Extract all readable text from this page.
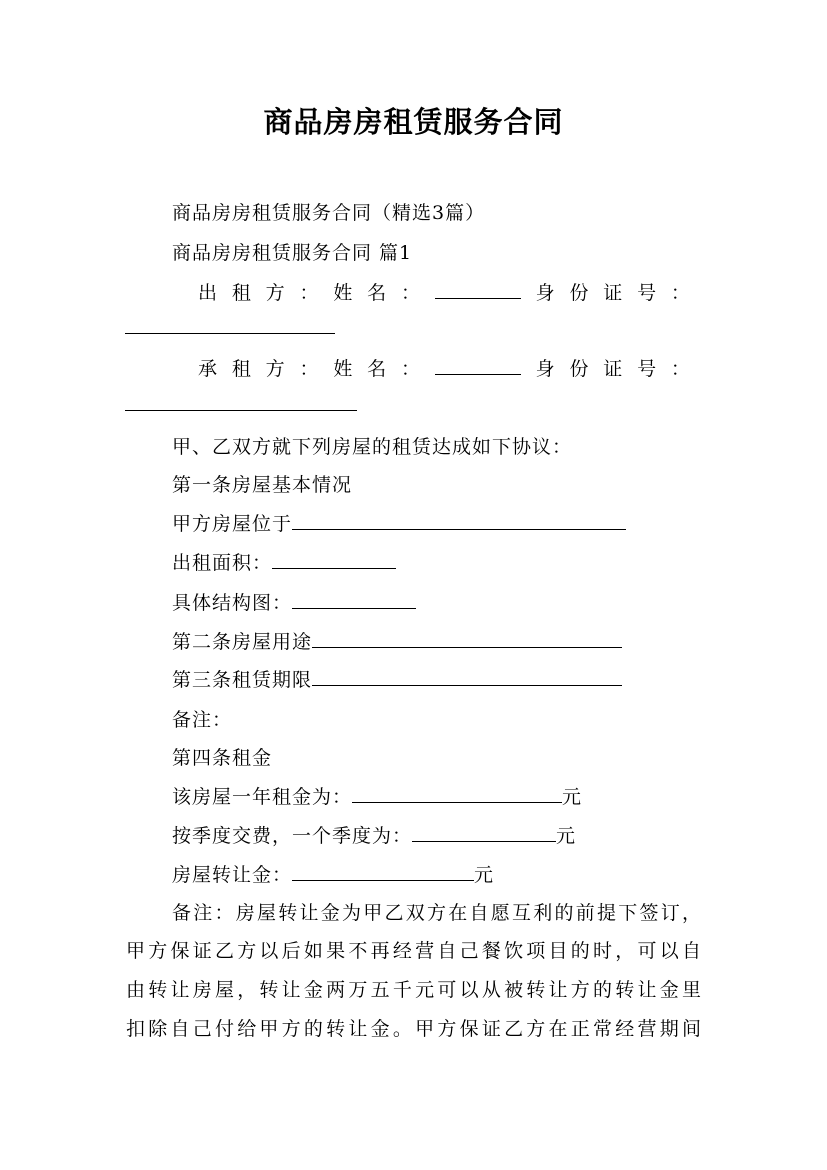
商品房房租赁服务合同
商品房房租赁服务合同（精选3篇）
商品房房租赁服务合同 篇1
出 租 方 ： 姓 名 ：	身 份 证 号 ：
承 租 方 ： 姓 名 ：	身 份 证 号 ：
甲、乙双方就下列房屋的租赁达成如下协议：
第一条房屋基本情况
甲方房屋位于
出租面积：
具体结构图：
第二条房屋用途
第三条租赁期限
备注：
第四条租金
该房屋一年租金为：	元
按季度交费，一个季度为：	元
房屋转让金：	元
备注：房屋转让金为甲乙双方在自愿互利的前提下签订，
甲方保证乙方以后如果不再经营自己餐饮项目的时，可以自
由转让房屋，转让金两万五千元可以从被转让方的转让金里
扣除自己付给甲方的转让金。甲方保证乙方在正常经营期间
